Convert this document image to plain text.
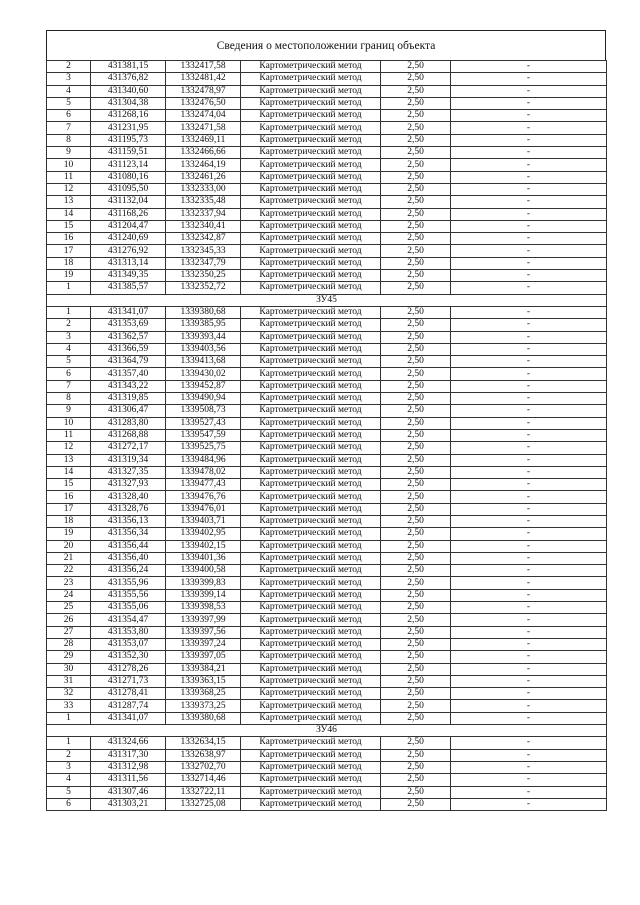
Сведения о местоположении границ объекта
2	431381,15	1332417,58	Картометрический метод	2,50	-
3	431376,82	1332481,42	Картометрический метод	2,50	-
4	431340,60	1332478,97	Картометрический метод	2,50	-
5	431304,38	1332476,50	Картометрический метод	2,50	-
6	431268,16	1332474,04	Картометрический метод	2,50	-
7	431231,95	1332471,58	Картометрический метод	2,50	-
8	431195,73	1332469,11	Картометрический метод	2,50	-
9	431159,51	1332466,66	Картометрический метод	2,50	-
10	431123,14	1332464,19	Картометрический метод	2,50	-
11	431080,16	1332461,26	Картометрический метод	2,50	-
12	431095,50	1332333,00	Картометрический метод	2,50	-
13	431132,04	1332335,48	Картометрический метод	2,50	-
14	431168,26	1332337,94	Картометрический метод	2,50	-
15	431204,47	1332340,41	Картометрический метод	2,50	-
16	431240,69	1332342,87	Картометрический метод	2,50	-
17	431276,92	1332345,33	Картометрический метод	2,50	-
18	431313,14	1332347,79	Картометрический метод	2,50	-
19	431349,35	1332350,25	Картометрический метод	2,50	-
1	431385,57	1332352,72	Картометрический метод	2,50	-
ЗУ45					
1	431341,07	1339380,68	Картометрический метод	2,50	-
2	431353,69	1339385,95	Картометрический метод	2,50	-
3	431362,57	1339393,44	Картометрический метод	2,50	-
4	431366,59	1339403,56	Картометрический метод	2,50	-
5	431364,79	1339413,68	Картометрический метод	2,50	-
6	431357,40	1339430,02	Картометрический метод	2,50	-
7	431343,22	1339452,87	Картометрический метод	2,50	-
8	431319,85	1339490,94	Картометрический метод	2,50	-
9	431306,47	1339508,73	Картометрический метод	2,50	-
10	431283,80	1339527,43	Картометрический метод	2,50	-
11	431268,88	1339547,59	Картометрический метод	2,50	-
12	431272,17	1339525,75	Картометрический метод	2,50	-
13	431319,34	1339484,96	Картометрический метод	2,50	-
14	431327,35	1339478,02	Картометрический метод	2,50	-
15	431327,93	1339477,43	Картометрический метод	2,50	-
16	431328,40	1339476,76	Картометрический метод	2,50	-
17	431328,76	1339476,01	Картометрический метод	2,50	-
18	431356,13	1339403,71	Картометрический метод	2,50	-
19	431356,34	1339402,95	Картометрический метод	2,50	-
20	431356,44	1339402,15	Картометрический метод	2,50	-
21	431356,40	1339401,36	Картометрический метод	2,50	-
22	431356,24	1339400,58	Картометрический метод	2,50	-
23	431355,96	1339399,83	Картометрический метод	2,50	-
24	431355,56	1339399,14	Картометрический метод	2,50	-
25	431355,06	1339398,53	Картометрический метод	2,50	-
26	431354,47	1339397,99	Картометрический метод	2,50	-
27	431353,80	1339397,56	Картометрический метод	2,50	-
28	431353,07	1339397,24	Картометрический метод	2,50	-
29	431352,30	1339397,05	Картометрический метод	2,50	-
30	431278,26	1339384,21	Картометрический метод	2,50	-
31	431271,73	1339363,15	Картометрический метод	2,50	-
32	431278,41	1339368,25	Картометрический метод	2,50	-
33	431287,74	1339373,25	Картометрический метод	2,50	-
1	431341,07	1339380,68	Картометрический метод	2,50	-
ЗУ46					
1	431324,66	1332634,15	Картометрический метод	2,50	-
2	431317,30	1332638,97	Картометрический метод	2,50	-
3	431312,98	1332702,70	Картометрический метод	2,50	-
4	431311,56	1332714,46	Картометрический метод	2,50	-
5	431307,46	1332722,11	Картометрический метод	2,50	-
6	431303,21	1332725,08	Картометрический метод	2,50	-
